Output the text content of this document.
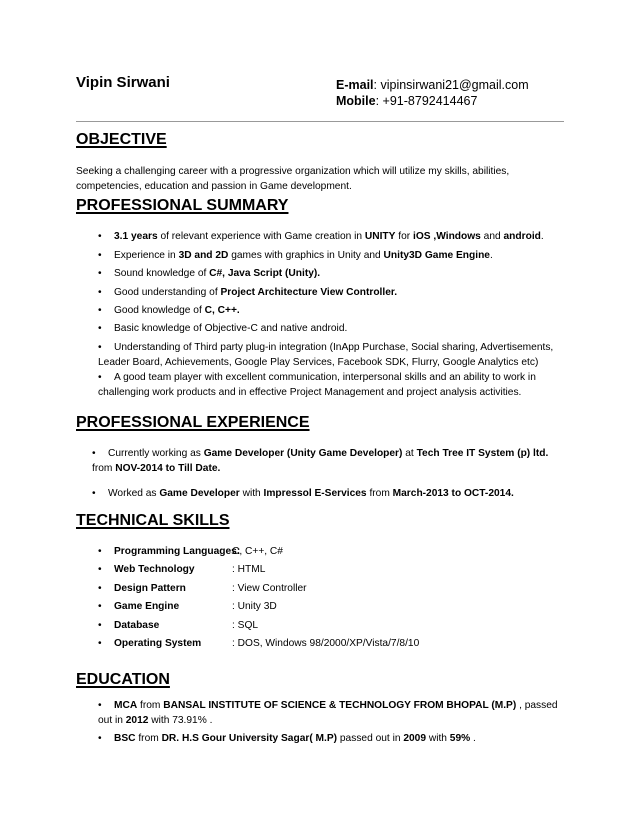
Vipin Sirwani	E-mail: vipinsirwani21@gmail.com
Mobile: +91-8792414467
OBJECTIVE
Seeking a challenging career with a progressive organization which will utilize my skills, abilities, competencies, education and passion in Game development.
PROFESSIONAL SUMMARY
• 3.1 years of relevant experience with Game creation in UNITY for iOS ,Windows and android.
• Experience in 3D and 2D games with graphics in Unity and Unity3D Game Engine.
• Sound knowledge of C#, Java Script (Unity).
• Good understanding of Project Architecture View Controller.
• Good knowledge of C, C++.
• Basic knowledge of Objective-C and native android.
• Understanding of Third party plug-in integration (InApp Purchase, Social sharing, Advertisements, Leader Board, Achievements, Google Play Services, Facebook SDK, Flurry, Google Analytics etc)
• A good team player with excellent communication, interpersonal skills and an ability to work in challenging work products and in effective Project Management and project analysis activities.
PROFESSIONAL EXPERIENCE
• Currently working as Game Developer (Unity Game Developer) at Tech Tree IT System (p) ltd. from NOV-2014 to Till Date.
• Worked as Game Developer with Impressol E-Services from March-2013 to OCT-2014.
TECHNICAL SKILLS
• Programming Languages:
C, C++, C#
• Web Technology	: HTML
• Design Pattern	: View Controller
• Game Engine	: Unity 3D
• Database	: SQL
• Operating System	: DOS, Windows 98/2000/XP/Vista/7/8/10
EDUCATION
• MCA from BANSAL INSTITUTE OF SCIENCE & TECHNOLOGY FROM BHOPAL (M.P) , passed out in 2012 with 73.91% .
• BSC from DR. H.S Gour University Sagar( M.P) passed out in 2009 with 59% .
